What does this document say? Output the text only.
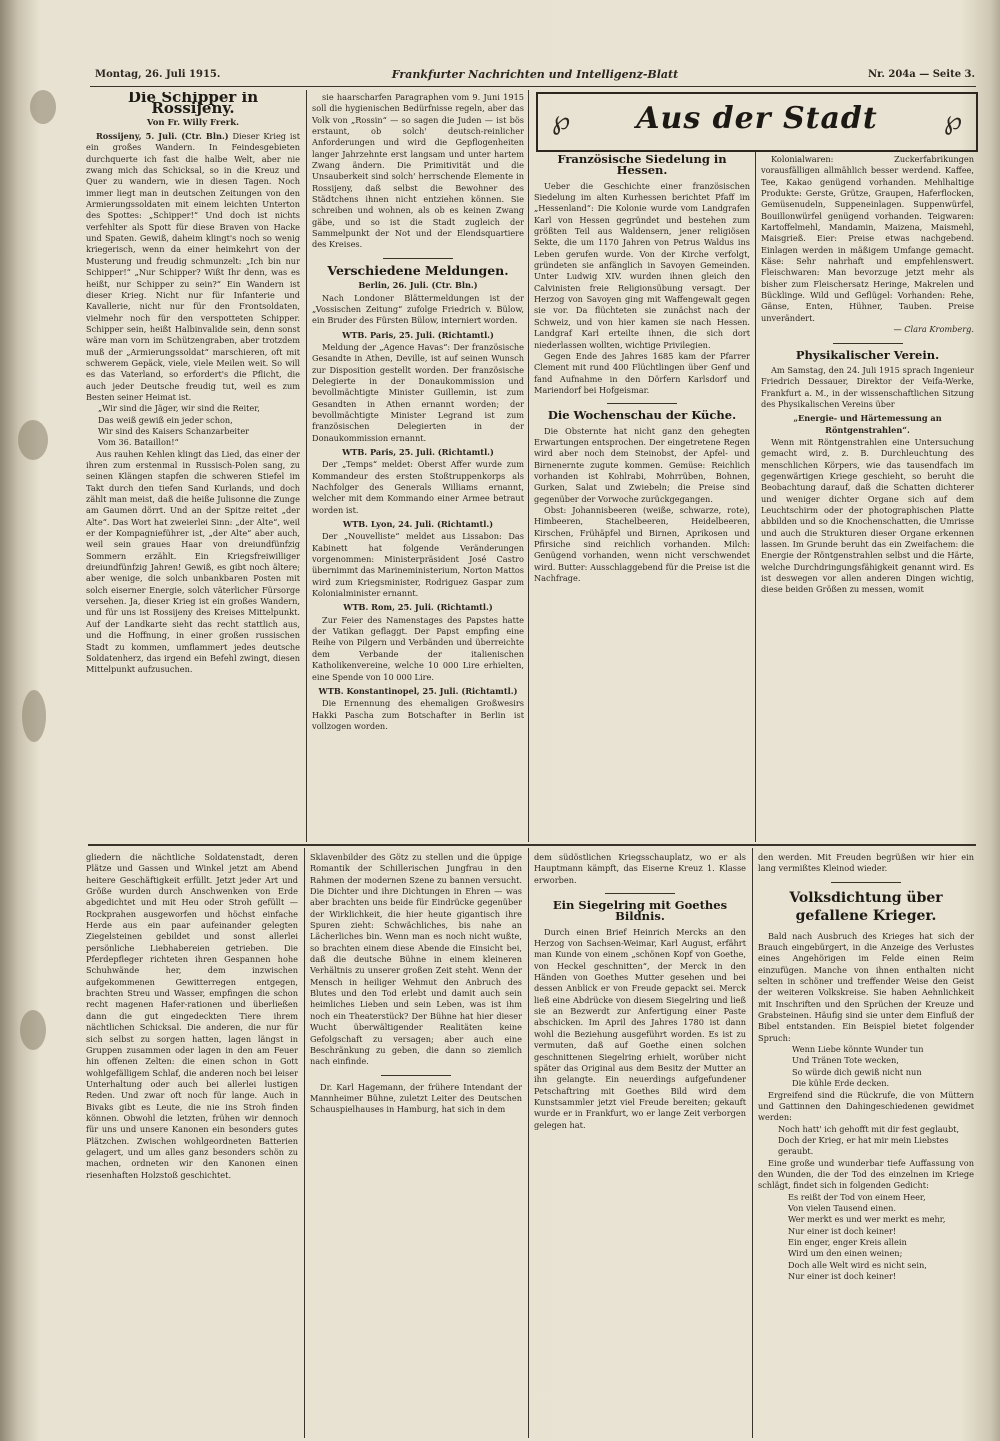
Montag, 26. Juli 1915.	Frankfurter Nachrichten und Intelligenz-Blatt	Nr. 204a — Seite 3.
℘	Aus der Stadt	℘
Die Schipper in Rossijeny.
Von Fr. Willy Frerk.

Rossijeny, 5. Juli. (Ctr. Bln.) Dieser Krieg ist ein großes Wandern. In Feindesgebieten durchquerte ich fast die halbe Welt, aber nie zwang mich das Schicksal, so in die Kreuz und Quer zu wandern, wie in diesen Tagen. Noch immer liegt man in deutschen Zeitungen von den Armierungssoldaten mit einem leichten Unterton des Spottes: „Schipper!“ Und doch ist nichts verfehlter als Spott für diese Braven von Hacke und Spaten. Gewiß, daheim klingt's noch so wenig kriegerisch, wenn da einer heimkehrt von der Musterung und freudig schmunzelt: „Ich bin nur Schipper!“ „Nur Schipper? Wißt Ihr denn, was es heißt, nur Schipper zu sein?“ Ein Wandern ist dieser Krieg. Nicht nur für Infanterie und Kavallerie, nicht nur für den Frontsoldaten, vielmehr noch für den verspotteten Schipper. Schipper sein, heißt Halbinvalide sein, denn sonst wäre man vorn im Schützengraben, aber trotzdem muß der „Armierungssoldat“ marschieren, oft mit schwerem Gepäck, viele, viele Meilen weit. So will es das Vaterland, so erfordert's die Pflicht, die auch jeder Deutsche freudig tut, weil es zum Besten seiner Heimat ist.

„Wir sind die Jäger, wir sind die Reiter,
Das weiß gewiß ein jeder schon,
Wir sind des Kaisers Schanzarbeiter
Vom 36. Bataillon!“

Aus rauhen Kehlen klingt das Lied, das einer der ihren zum erstenmal in Russisch-Polen sang, zu seinen Klängen stapfen die schweren Stiefel im Takt durch den tiefen Sand Kurlands, und doch zählt man meist, daß die heiße Julisonne die Zunge am Gaumen dörrt. Und an der Spitze reitet „der Alte“. Das Wort hat zweierlei Sinn: „der Alte“, weil er der Kompagnieführer ist, „der Alte“ aber auch, weil sein graues Haar von dreiundfünfzig Sommern erzählt. Ein Kriegsfreiwilliger dreiundfünfzig Jahren! Gewiß, es gibt noch ältere; aber wenige, die solch unbankbaren Posten mit solch eiserner Energie, solch väterlicher Fürsorge versehen. Ja, dieser Krieg ist ein großes Wandern, und für uns ist Rossijeny des Kreises Mittelpunkt. Auf der Landkarte sieht das recht stattlich aus, und die Hoffnung, in einer großen russischen Stadt zu kommen, umflammert jedes deutsche Soldatenherz, das irgend ein Befehl zwingt, diesen Mittelpunkt aufzusuchen.

sie haarscharfen Paragraphen vom 9. Juni 1915 soll die hygienischen Bedürfnisse regeln, aber das Volk von „Rossin“ — so sagen die Juden — ist bös erstaunt, ob solch' deutsch-reinlicher Anforderungen und wird die Gepflogenheiten langer Jahrzehnte erst langsam und unter hartem Zwang ändern. Die Primitivität und die Unsauberkeit sind solch' herrschende Elemente in Rossijeny, daß selbst die Bewohner des Städtchens ihnen nicht entziehen können. Sie schreiben und wohnen, als ob es keinen Zwang gäbe, und so ist die Stadt zugleich der Sammelpunkt der Not und der Elendsquartiere des Kreises.

Verschiedene Meldungen.
Berlin, 26. Juli. (Ctr. Bln.)

Nach Londoner Blättermeldungen ist der „Vossischen Zeitung“ zufolge Friedrich v. Bülow, ein Bruder des Fürsten Bülow, interniert worden.

WTB. Paris, 25. Juli. (Richtamtl.)

Meldung der „Agence Havas“: Der französische Gesandte in Athen, Deville, ist auf seinen Wunsch zur Disposition gestellt worden. Der französische Delegierte in der Donaukommission und bevollmächtigte Minister Guillemin, ist zum Gesandten in Athen ernannt worden; der bevollmächtigte Minister Legrand ist zum französischen Delegierten in der Donaukommission ernannt.

WTB. Paris, 25. Juli. (Richtamtl.)

Der „Temps“ meldet: Oberst Affer wurde zum Kommandeur des ersten Stoßtruppenkorps als Nachfolger des Generals Williams ernannt, welcher mit dem Kommando einer Armee betraut worden ist.

WTB. Lyon, 24. Juli. (Richtamtl.)

Der „Nouvelliste“ meldet aus Lissabon: Das Kabinett hat folgende Veränderungen vorgenommen: Ministerpräsident José Castro übernimmt das Marineministerium, Norton Mattos wird zum Kriegsminister, Rodriguez Gaspar zum Kolonialminister ernannt.

WTB. Rom, 25. Juli. (Richtamtl.)

Zur Feier des Namenstages des Papstes hatte der Vatikan geflaggt. Der Papst empfing eine Reihe von Pilgern und Verbänden und überreichte dem Verbande der italienischen Katholikenvereine, welche 10 000 Lire erhielten, eine Spende von 10 000 Lire.

WTB. Konstantinopel, 25. Juli. (Richtamtl.)

Die Ernennung des ehemaligen Großwesirs Hakki Pascha zum Botschafter in Berlin ist vollzogen worden.

Französische Siedelung in Hessen.

Ueber die Geschichte einer französischen Siedelung im alten Kurhessen berichtet Pfaff im „Hessenland“: Die Kolonie wurde vom Landgrafen Karl von Hessen gegründet und bestehen zum größten Teil aus Waldensern, jener religiösen Sekte, die um 1170 Jahren von Petrus Waldus ins Leben gerufen wurde. Von der Kirche verfolgt, gründeten sie anfänglich in Savoyen Gemeinden. Unter Ludwig XIV. wurden ihnen gleich den Calvinisten freie Religionsübung versagt. Der Herzog von Savoyen ging mit Waffengewalt gegen sie vor. Da flüchteten sie zunächst nach der Schweiz, und von hier kamen sie nach Hessen. Landgraf Karl erteilte ihnen, die sich dort niederlassen wollten, wichtige Privilegien.

Gegen Ende des Jahres 1685 kam der Pfarrer Clement mit rund 400 Flüchtlingen über Genf und fand Aufnahme in den Dörfern Karlsdorf und Mariendorf bei Hofgeismar.

Die Wochenschau der Küche.

Die Obsternte hat nicht ganz den gehegten Erwartungen entsprochen. Der eingetretene Regen wird aber noch dem Steinobst, der Apfel- und Birnenernte zugute kommen. Gemüse: Reichlich vorhanden ist Kohlrabi, Mohrrüben, Bohnen, Gurken, Salat und Zwiebeln; die Preise sind gegenüber der Vorwoche zurückgegangen.

Obst: Johannisbeeren (weiße, schwarze, rote), Himbeeren, Stachelbeeren, Heidelbeeren, Kirschen, Frühäpfel und Birnen, Aprikosen und Pfirsiche sind reichlich vorhanden. Milch: Genügend vorhanden, wenn nicht verschwendet wird. Butter: Ausschlaggebend für die Preise ist die Nachfrage.

Kolonialwaren: Zuckerfabrikungen vorausfälligen allmählich besser werdend. Kaffee, Tee, Kakao genügend vorhanden. Mehlhaltige Produkte: Gerste, Grütze, Graupen, Haferflocken, Gemüsenudeln, Suppeneinlagen. Suppenwürfel, Bouillonwürfel genügend vorhanden. Teigwaren: Kartoffelmehl, Mandamin, Maizena, Maismehl, Maisgrieß. Eier: Preise etwas nachgebend. Einlagen werden in mäßigem Umfange gemacht. Käse: Sehr nahrhaft und empfehlenswert. Fleischwaren: Man bevorzuge jetzt mehr als bisher zum Fleischersatz Heringe, Makrelen und Bücklinge. Wild und Geflügel: Vorhanden: Rehe, Gänse, Enten, Hühner, Tauben. Preise unverändert.

— Clara Kromberg.
Physikalischer Verein.

Am Samstag, den 24. Juli 1915 sprach Ingenieur Friedrich Dessauer, Direktor der Veifa-Werke, Frankfurt a. M., in der wissenschaftlichen Sitzung des Physikalischen Vereins über

„Energie- und Härtemessung an Röntgenstrahlen“.

Wenn mit Röntgenstrahlen eine Untersuchung gemacht wird, z. B. Durchleuchtung des menschlichen Körpers, wie das tausendfach im gegenwärtigen Kriege geschieht, so beruht die Beobachtung darauf, daß die Schatten dichterer und weniger dichter Organe sich auf dem Leuchtschirm oder der photographischen Platte abbilden und so die Knochenschatten, die Umrisse und auch die Strukturen dieser Organe erkennen lassen. Im Grunde beruht das ein Zweifachem: die Energie der Röntgenstrahlen selbst und die Härte, welche Durchdringungsfähigkeit genannt wird. Es ist deswegen vor allen anderen Dingen wichtig, diese beiden Größen zu messen, womit

gliedern die nächtliche Soldatenstadt, deren Plätze und Gassen und Winkel jetzt am Abend heitere Geschäftigkeit erfüllt. Jetzt jeder Art und Größe wurden durch Anschwenken von Erde abgedichtet und mit Heu oder Stroh gefüllt — Rockprahen ausgeworfen und höchst einfache Herde aus ein paar aufeinander gelegten Ziegelsteinen gebildet und sonst allerlei persönliche Liebhabereien getrieben. Die Pferdepfleger richteten ihren Gespannen hohe Schuhwände her, dem inzwischen aufgekommenen Gewitterregen entgegen, brachten Streu und Wasser, empfingen die schon recht magenen Hafer-rationen und überließen dann die gut eingedeckten Tiere ihrem nächtlichen Schicksal. Die anderen, die nur für sich selbst zu sorgen hatten, lagen längst in Gruppen zusammen oder lagen in den am Feuer hin offenen Zelten: die einen schon in Gott wohlgefälligem Schlaf, die anderen noch bei leiser Unterhaltung oder auch bei allerlei lustigen Reden. Und zwar oft noch für lange. Auch in Bivaks gibt es Leute, die nie ins Stroh finden können. Obwohl die letzten, frühen wir dennoch für uns und unsere Kanonen ein besonders gutes Plätzchen. Zwischen wohlgeordneten Batterien gelagert, und um alles ganz besonders schön zu machen, ordneten wir den Kanonen einen riesenhaften Holzstoß geschichtet.

Sklavenbilder des Götz zu stellen und die üppige Romantik der Schillerischen Jungfrau in den Rahmen der modernen Szene zu bannen versucht. Die Dichter und ihre Dichtungen in Ehren — was aber brachten uns beide für Eindrücke gegenüber der Wirklichkeit, die hier heute gigantisch ihre Spuren zieht: Schwächliches, bis nahe an Lächerliches bin. Wenn man es noch nicht wußte, so brachten einem diese Abende die Einsicht bei, daß die deutsche Bühne in einem kleineren Verhältnis zu unserer großen Zeit steht. Wenn der Mensch in heiliger Wehmut den Anbruch des Blutes und den Tod erlebt und damit auch sein heimliches Lieben und sein Leben, was ist ihm noch ein Theaterstück? Der Bühne hat hier dieser Wucht überwältigender Realitäten keine Gefolgschaft zu versagen; aber auch eine Beschränkung zu geben, die dann so ziemlich nach einfinde.

Dr. Karl Hagemann, der frühere Intendant der Mannheimer Bühne, zuletzt Leiter des Deutschen Schauspielhauses in Hamburg, hat sich in dem

dem südöstlichen Kriegsschauplatz, wo er als Hauptmann kämpft, das Eiserne Kreuz 1. Klasse erworben.

Ein Siegelring mit Goethes Bildnis.

Durch einen Brief Heinrich Mercks an den Herzog von Sachsen-Weimar, Karl August, erfährt man Kunde von einem „schönen Kopf von Goethe, von Heckel geschnitten“, der Merck in den Händen von Goethes Mutter gesehen und bei dessen Anblick er von Freude gepackt sei. Merck ließ eine Abdrücke von diesem Siegelring und ließ sie an Bezwerdt zur Anfertigung einer Paste abschicken. Im April des Jahres 1780 ist dann wohl die Beziehung ausgeführt worden. Es ist zu vermuten, daß auf Goethe einen solchen geschnittenen Siegelring erhielt, worüber nicht später das Original aus dem Besitz der Mutter an ihn gelangte. Ein neuerdings aufgefundener Petschaftring mit Goethes Bild wird dem Kunstsammler jetzt viel Freude bereiten; gekauft wurde er in Frankfurt, wo er lange Zeit verborgen gelegen hat.

den werden. Mit Freuden begrüßen wir hier ein lang vermißtes Kleinod wieder.

Volksdichtung über gefallene Krieger.

Bald nach Ausbruch des Krieges hat sich der Brauch eingebürgert, in die Anzeige des Verlustes eines Angehörigen im Felde einen Reim einzufügen. Manche von ihnen enthalten nicht selten in schöner und treffender Weise den Geist der weiteren Volkskreise. Sie haben Aehnlichkeit mit Inschriften und den Sprüchen der Kreuze und Grabsteinen. Häufig sind sie unter dem Einfluß der Bibel entstanden. Ein Beispiel bietet folgender Spruch:

Wenn Liebe könnte Wunder tun
Und Tränen Tote wecken,
So würde dich gewiß nicht nun
Die kühle Erde decken.

Ergreifend sind die Rückrufe, die von Müttern und Gattinnen den Dahingeschiedenen gewidmet werden:

Noch hatt' ich gehofft mit dir fest geglaubt,
Doch der Krieg, er hat mir mein Liebstes geraubt.

Eine große und wunderbar tiefe Auffassung von den Wunden, die der Tod des einzelnen im Kriege schlägt, findet sich in folgenden Gedicht:

Es reißt der Tod von einem Heer,
Von vielen Tausend einen.
Wer merkt es und wer merkt es mehr,
Nur einer ist doch keiner!
Ein enger, enger Kreis allein
Wird um den einen weinen;
Doch alle Welt wird es nicht sein,
Nur einer ist doch keiner!
